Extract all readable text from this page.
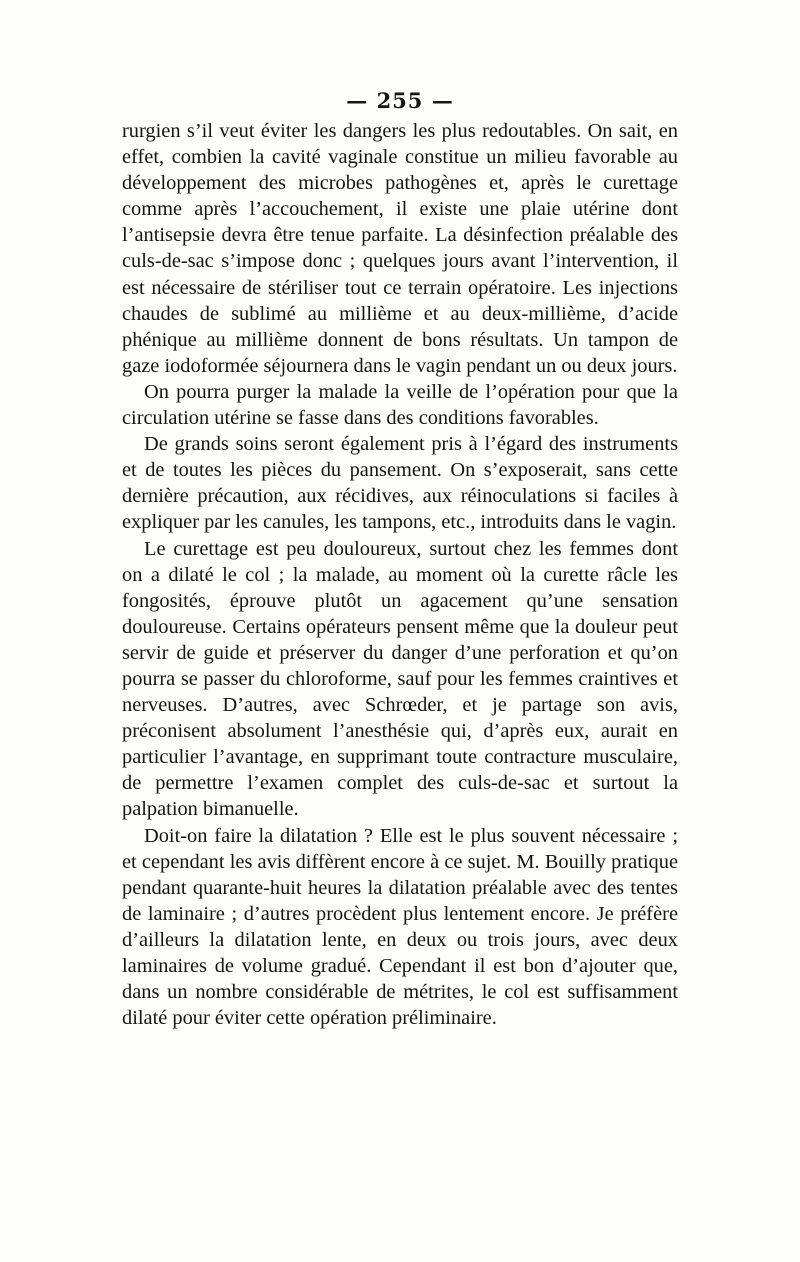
— 255 —

rurgien s’il veut éviter les dangers les plus redoutables. On sait, en effet, combien la cavité vaginale constitue un milieu favorable au développement des microbes pathogènes et, après le curettage comme après l’accouchement, il existe une plaie utérine dont l’antisepsie devra être tenue parfaite. La désinfection préalable des culs-de-sac s’impose donc ; quelques jours avant l’intervention, il est nécessaire de stériliser tout ce terrain opératoire. Les injections chaudes de sublimé au millième et au deux-millième, d’acide phénique au millième donnent de bons résultats. Un tampon de gaze iodoformée séjournera dans le vagin pendant un ou deux jours.

On pourra purger la malade la veille de l’opération pour que la circulation utérine se fasse dans des conditions favorables.

De grands soins seront également pris à l’égard des instruments et de toutes les pièces du pansement. On s’exposerait, sans cette dernière précaution, aux récidives, aux réinoculations si faciles à expliquer par les canules, les tampons, etc., introduits dans le vagin.

Le curettage est peu douloureux, surtout chez les femmes dont on a dilaté le col ; la malade, au moment où la curette râcle les fongosités, éprouve plutôt un agacement qu’une sensation douloureuse. Certains opérateurs pensent même que la douleur peut servir de guide et préserver du danger d’une perforation et qu’on pourra se passer du chloroforme, sauf pour les femmes craintives et nerveuses. D’autres, avec Schrœder, et je partage son avis, préconisent absolument l’anesthésie qui, d’après eux, aurait en particulier l’avantage, en supprimant toute contracture musculaire, de permettre l’examen complet des culs-de-sac et surtout la palpation bimanuelle.

Doit-on faire la dilatation ? Elle est le plus souvent nécessaire ; et cependant les avis diffèrent encore à ce sujet. M. Bouilly pratique pendant quarante-huit heures la dilatation préalable avec des tentes de laminaire ; d’autres procèdent plus lentement encore. Je préfère d’ailleurs la dilatation lente, en deux ou trois jours, avec deux laminaires de volume gradué. Cependant il est bon d’ajouter que, dans un nombre considérable de métrites, le col est suffisamment dilaté pour éviter cette opération préliminaire.
